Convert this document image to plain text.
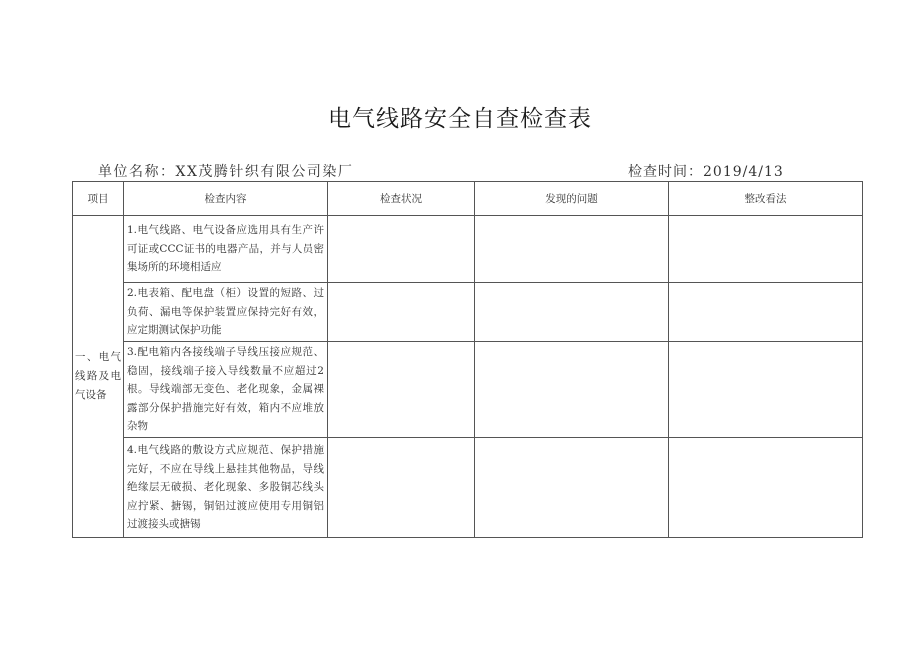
电气线路安全自查检查表
单位名称：XX茂腾针织有限公司染厂	检查时间：2019/4/13
项目	检查内容	检查状况	发现的问题	整改看法
一、电气线路及电气设备	1.电气线路、电气设备应选用具有生产许可证或CCC证书的电器产品，并与人员密集场所的环境相适应			
	2.电表箱、配电盘（柜）设置的短路、过负荷、漏电等保护装置应保持完好有效，应定期测试保护功能			
	3.配电箱内各接线端子导线压接应规范、稳固，接线端子接入导线数量不应超过2根。导线端部无变色、老化现象，金属裸露部分保护措施完好有效，箱内不应堆放杂物			
	4.电气线路的敷设方式应规范、保护措施完好，不应在导线上悬挂其他物品，导线绝缘层无破损、老化现象、多股铜芯线头应拧紧、搪锡，铜铝过渡应使用专用铜铝过渡接头或搪锡			
